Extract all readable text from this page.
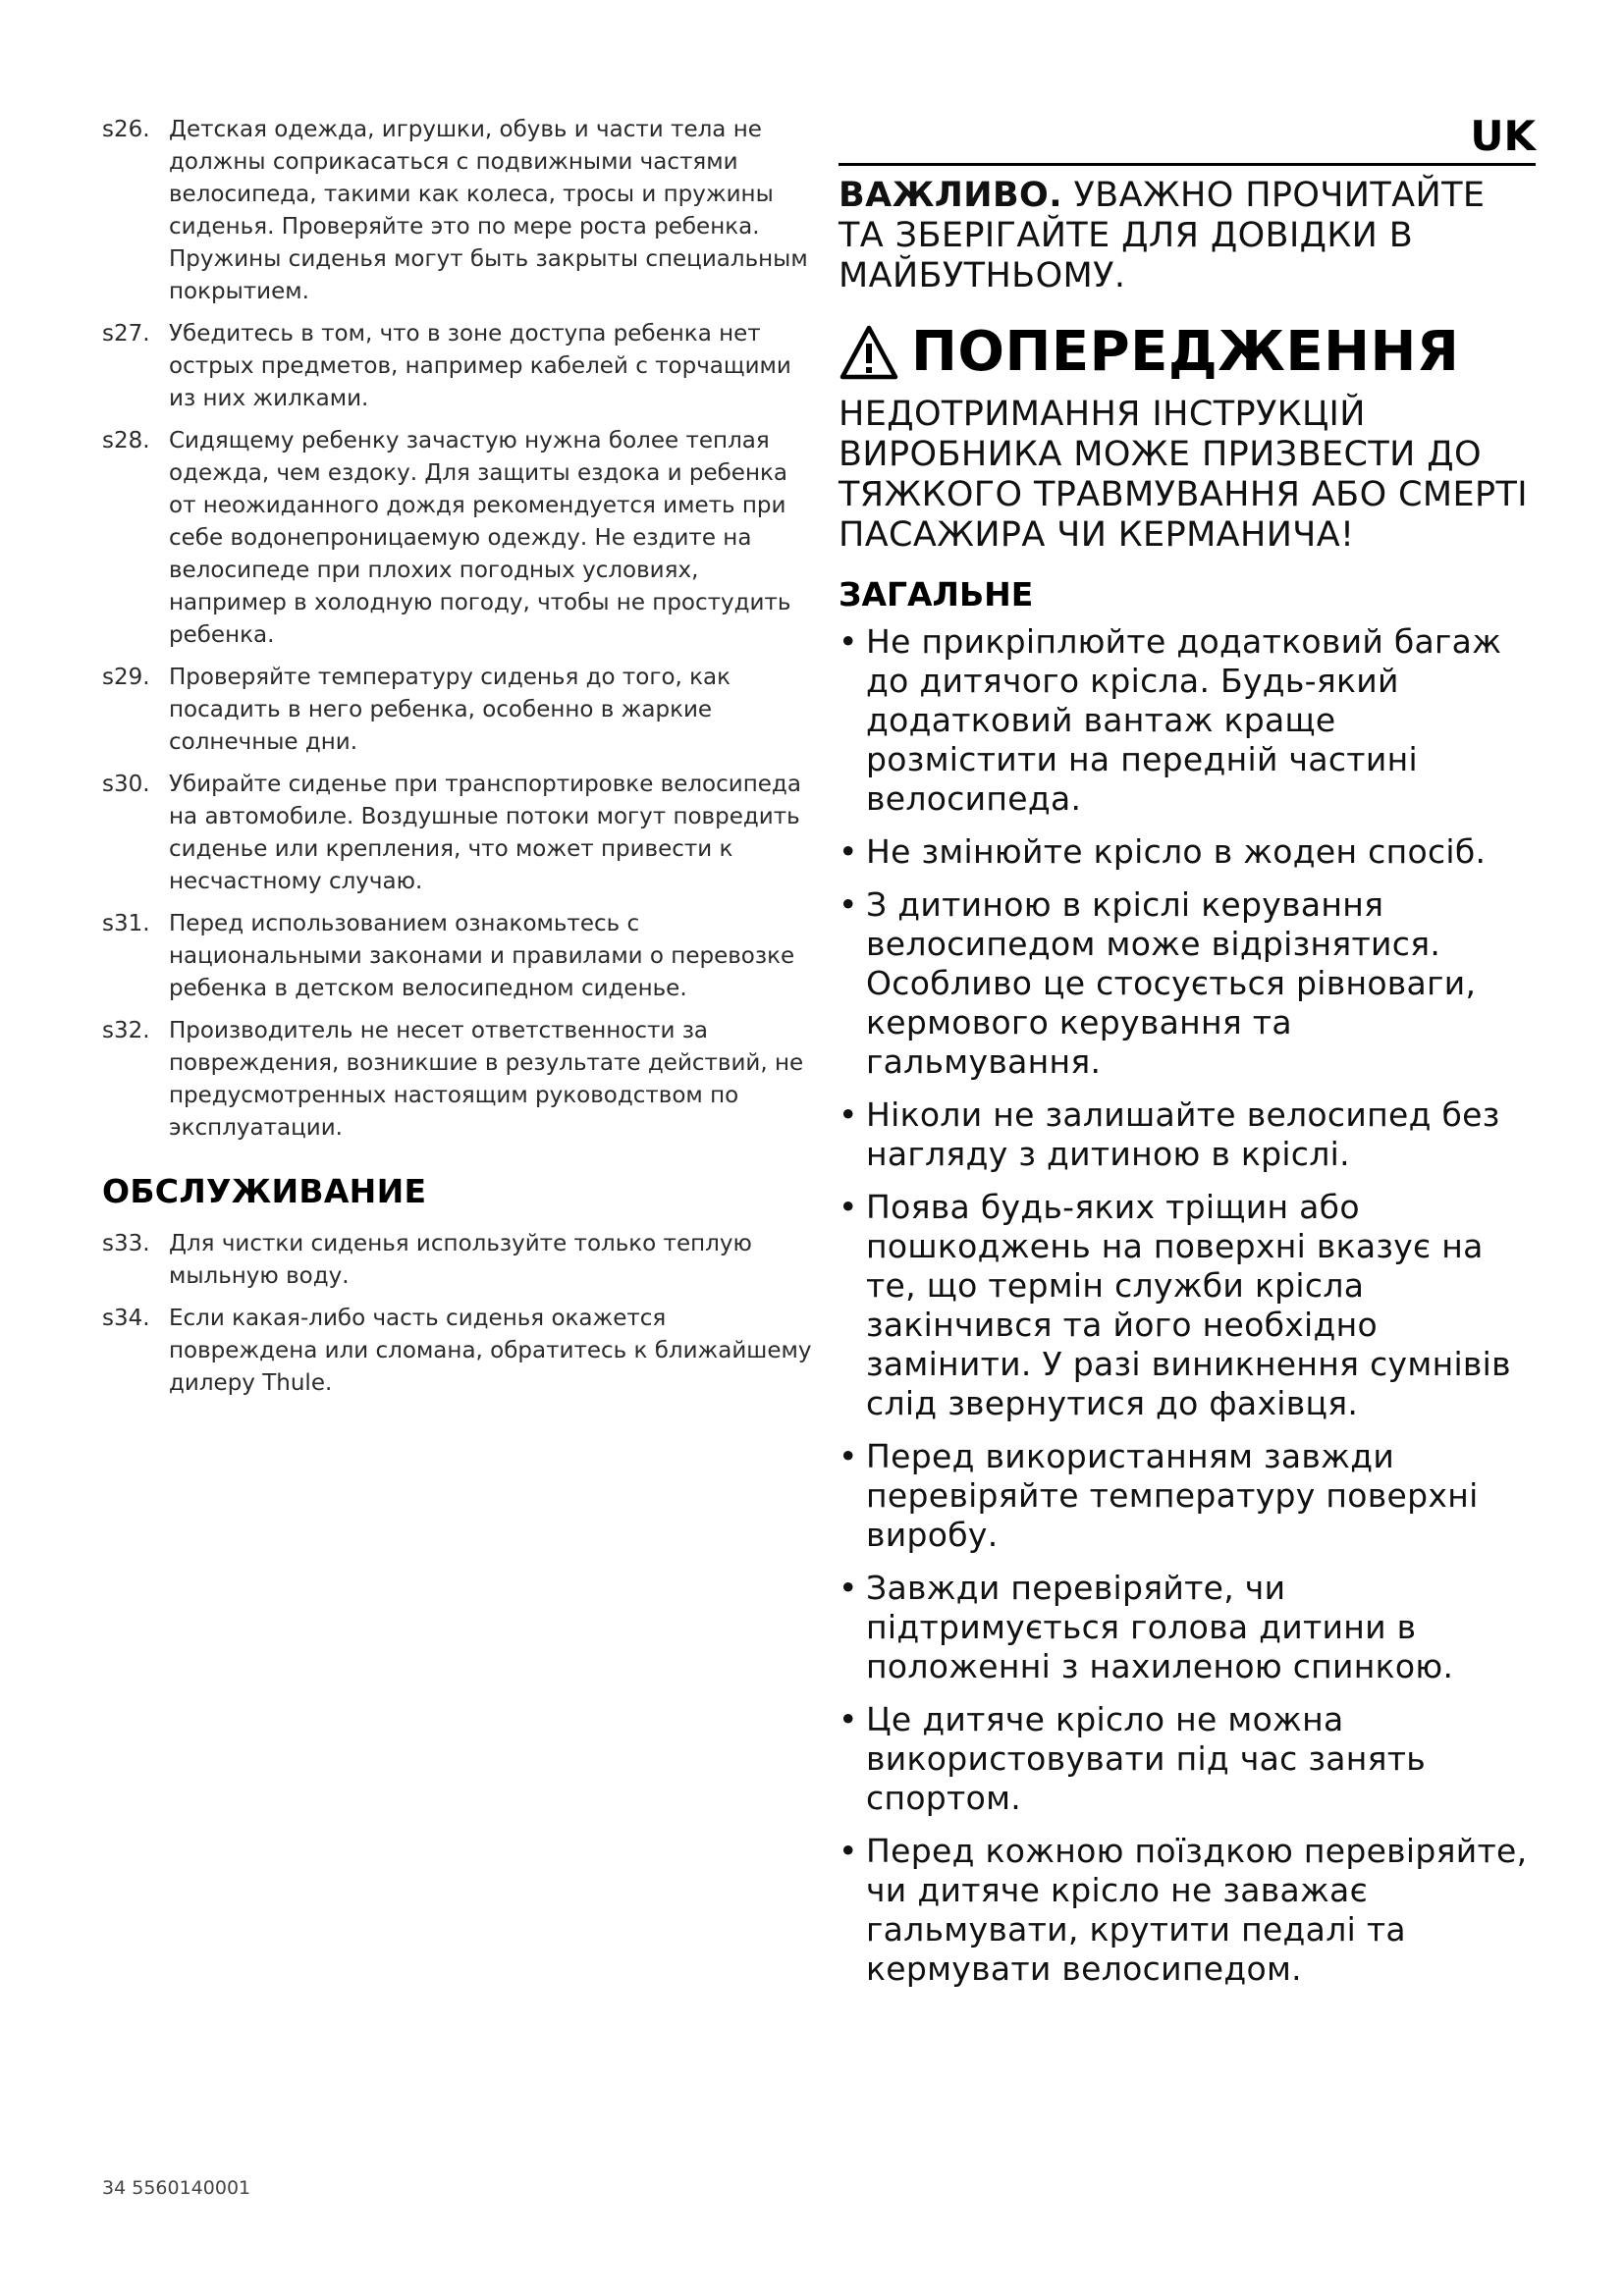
s26. Детская одежда, игрушки, обувь и части тела не должны соприкасаться с подвижными частями велосипеда, такими как колеса, тросы и пружины сиденья. Проверяйте это по мере роста ребенка. Пружины сиденья могут быть закрыты специальным покрытием.
s27. Убедитесь в том, что в зоне доступа ребенка нет острых предметов, например кабелей с торчащими из них жилками.
s28. Сидящему ребенку зачастую нужна более теплая одежда, чем ездоку. Для защиты ездока и ребенка от неожиданного дождя рекомендуется иметь при себе водонепроницаемую одежду. Не ездите на велосипеде при плохих погодных условиях, например в холодную погоду, чтобы не простудить ребенка.
s29. Проверяйте температуру сиденья до того, как посадить в него ребенка, особенно в жаркие солнечные дни.
s30. Убирайте сиденье при транспортировке велосипеда на автомобиле. Воздушные потоки могут повредить сиденье или крепления, что может привести к несчастному случаю.
s31. Перед использованием ознакомьтесь с национальными законами и правилами о перевозке ребенка в детском велосипедном сиденье.
s32. Производитель не несет ответственности за повреждения, возникшие в результате действий, не предусмотренных настоящим руководством по эксплуатации.
ОБСЛУЖИВАНИЕ
s33. Для чистки сиденья используйте только теплую мыльную воду.
s34. Если какая-либо часть сиденья окажется повреждена или сломана, обратитесь к ближайшему дилеру Thule.
UK

ВАЖЛИВО. УВАЖНО ПРОЧИТАЙТЕ ТА ЗБЕРІГАЙТЕ ДЛЯ ДОВІДКИ В МАЙБУТНЬОМУ.

ПОПЕРЕДЖЕННЯ

НЕДОТРИМАННЯ ІНСТРУКЦІЙ ВИРОБНИКА МОЖЕ ПРИЗВЕСТИ ДО ТЯЖКОГО ТРАВМУВАННЯ АБО СМЕРТІ ПАСАЖИРА ЧИ КЕРМАНИЧА!

ЗАГАЛЬНЕ
• Не прикріплюйте додатковий багаж до дитячого крісла. Будь-який додатковий вантаж краще розмістити на передній частині велосипеда.
• Не змінюйте крісло в жоден спосіб.
• З дитиною в кріслі керування велосипедом може відрізнятися. Особливо це стосується рівноваги, кермового керування та гальмування.
• Ніколи не залишайте велосипед без нагляду з дитиною в кріслі.
• Поява будь-яких тріщин або пошкоджень на поверхні вказує на те, що термін служби крісла закінчився та його необхідно замінити. У разі виникнення сумнівів слід звернутися до фахівця.
• Перед використанням завжди перевіряйте температуру поверхні виробу.
• Завжди перевіряйте, чи підтримується голова дитини в положенні з нахиленою спинкою.
• Це дитяче крісло не можна використовувати під час занять спортом.
• Перед кожною поїздкою перевіряйте, чи дитяче крісло не заважає гальмувати, крутити педалі та кермувати велосипедом.
34 5560140001
